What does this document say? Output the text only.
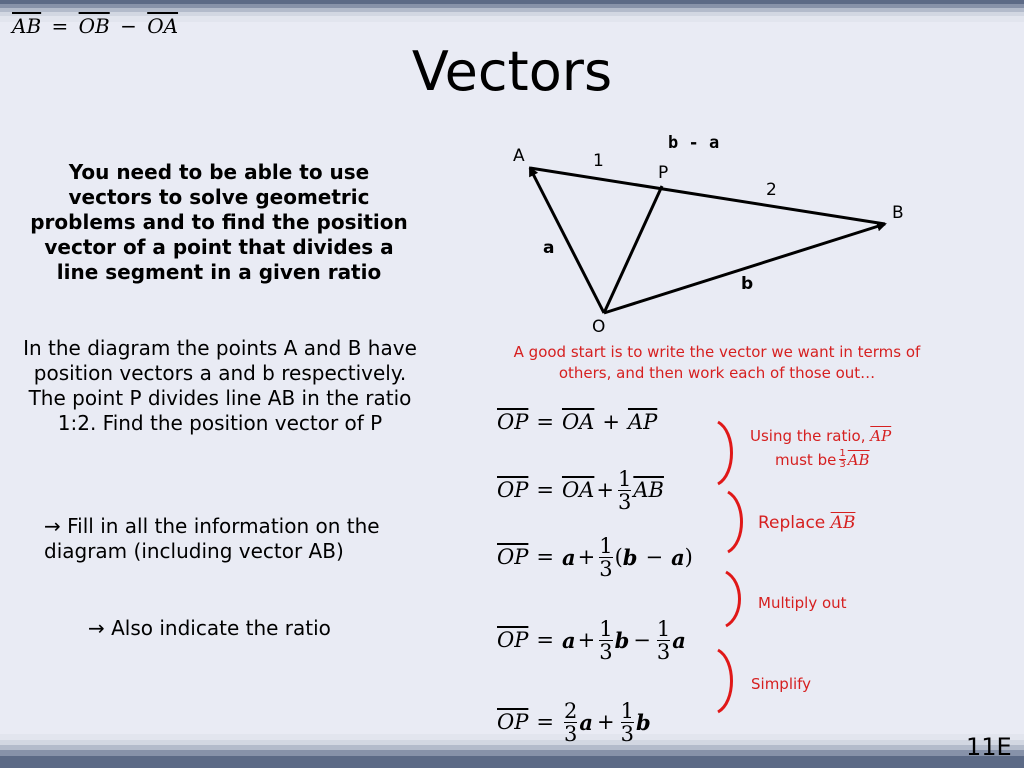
$\overline{AB} = \overline{OB} - \overline{OA}$
Vectors
You need to be able to use vectors to solve geometric problems and to find the position vector of a point that divides a line segment in a given ratio
In the diagram the points A and B have position vectors a and b respectively. The point P divides line AB in the ratio 1:2. Find the position vector of P
→ Fill in all the information on the diagram (including vector AB)
→ Also indicate the ratio
A	1
P
b - a
2
B
a
b
O
A good start is to write the vector we want in terms of others, and then work each of those out…
$\overline{OP} = \overline{OA} + \overline{AP}$
$\overline{OP} = \overline{OA} + \frac{1}{3} \overline{AB}$
$\overline{OP} = a + \frac{1}{3}$ ( b − a )
$\overline{OP} = a + \frac{1}{3}$ $b - \frac{1}{3}$ a
$\overline{OP} = \frac{2}{3}$ $a + \frac{1}{3}$ b
Using the ratio, $\overline{AP}$
must be $\frac{1}{3} \overline{AB}$
Replace $\overline{AB}$
Multiply out
Simplify
11E
